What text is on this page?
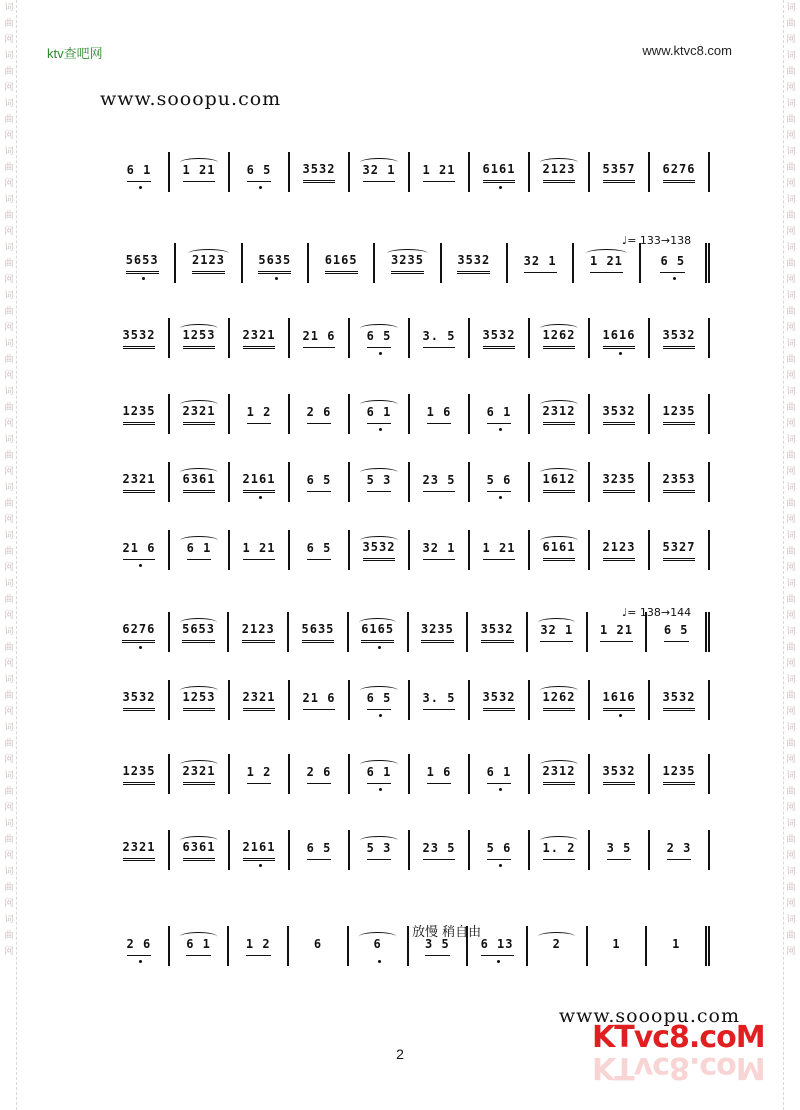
词曲网词曲网词曲网词曲网词曲网词曲网词曲网词曲网词曲网词曲网词曲网词曲网词曲网词曲网词曲网词曲网词曲网词曲网词曲网词曲网
词曲网词曲网词曲网词曲网词曲网词曲网词曲网词曲网词曲网词曲网词曲网词曲网词曲网词曲网词曲网词曲网词曲网词曲网词曲网词曲网
ktv查吧网	www.ktvc8.com
www.sooopu.com
6 1	1 21	6 5	3532 32 1 1 21 6161 2123 5357 6276
5653	2123	5635	6165	3235	3532	32 1	1 21	6 5
3532 1253 2321 21 6	6 5	3. 5 3532 1262 1616 3532
1235 2321	1 2	2 6	6 1	1 6	6 1	2312 3532 1235
2321 6361 2161	6 5	5 3	23 5	5 6	1612 3235 2353
21 6	6 1	1 21	6 5	3532 32 1 1 21 6161 2123 5327
6276 5653 2123 5635 6165 3235 3532 32 1 1 21	6 5
3532 1253 2321 21 6	6 5	3. 5 3532 1262 1616 3532
1235 2321	1 2	2 6	6 1	1 6	6 1	2312 3532 1235
2321 6361 2161	6 5	5 3	23 5	5 6	1. 2	3 5	2 3
2 6	6 1	1 2	6	6	3 5	6 13	2	1	1
♩= 133→138
♩= 138→144
放慢 稍自由
www.sooopu.com
KTvc8.coM
KTvc8.coM
2
